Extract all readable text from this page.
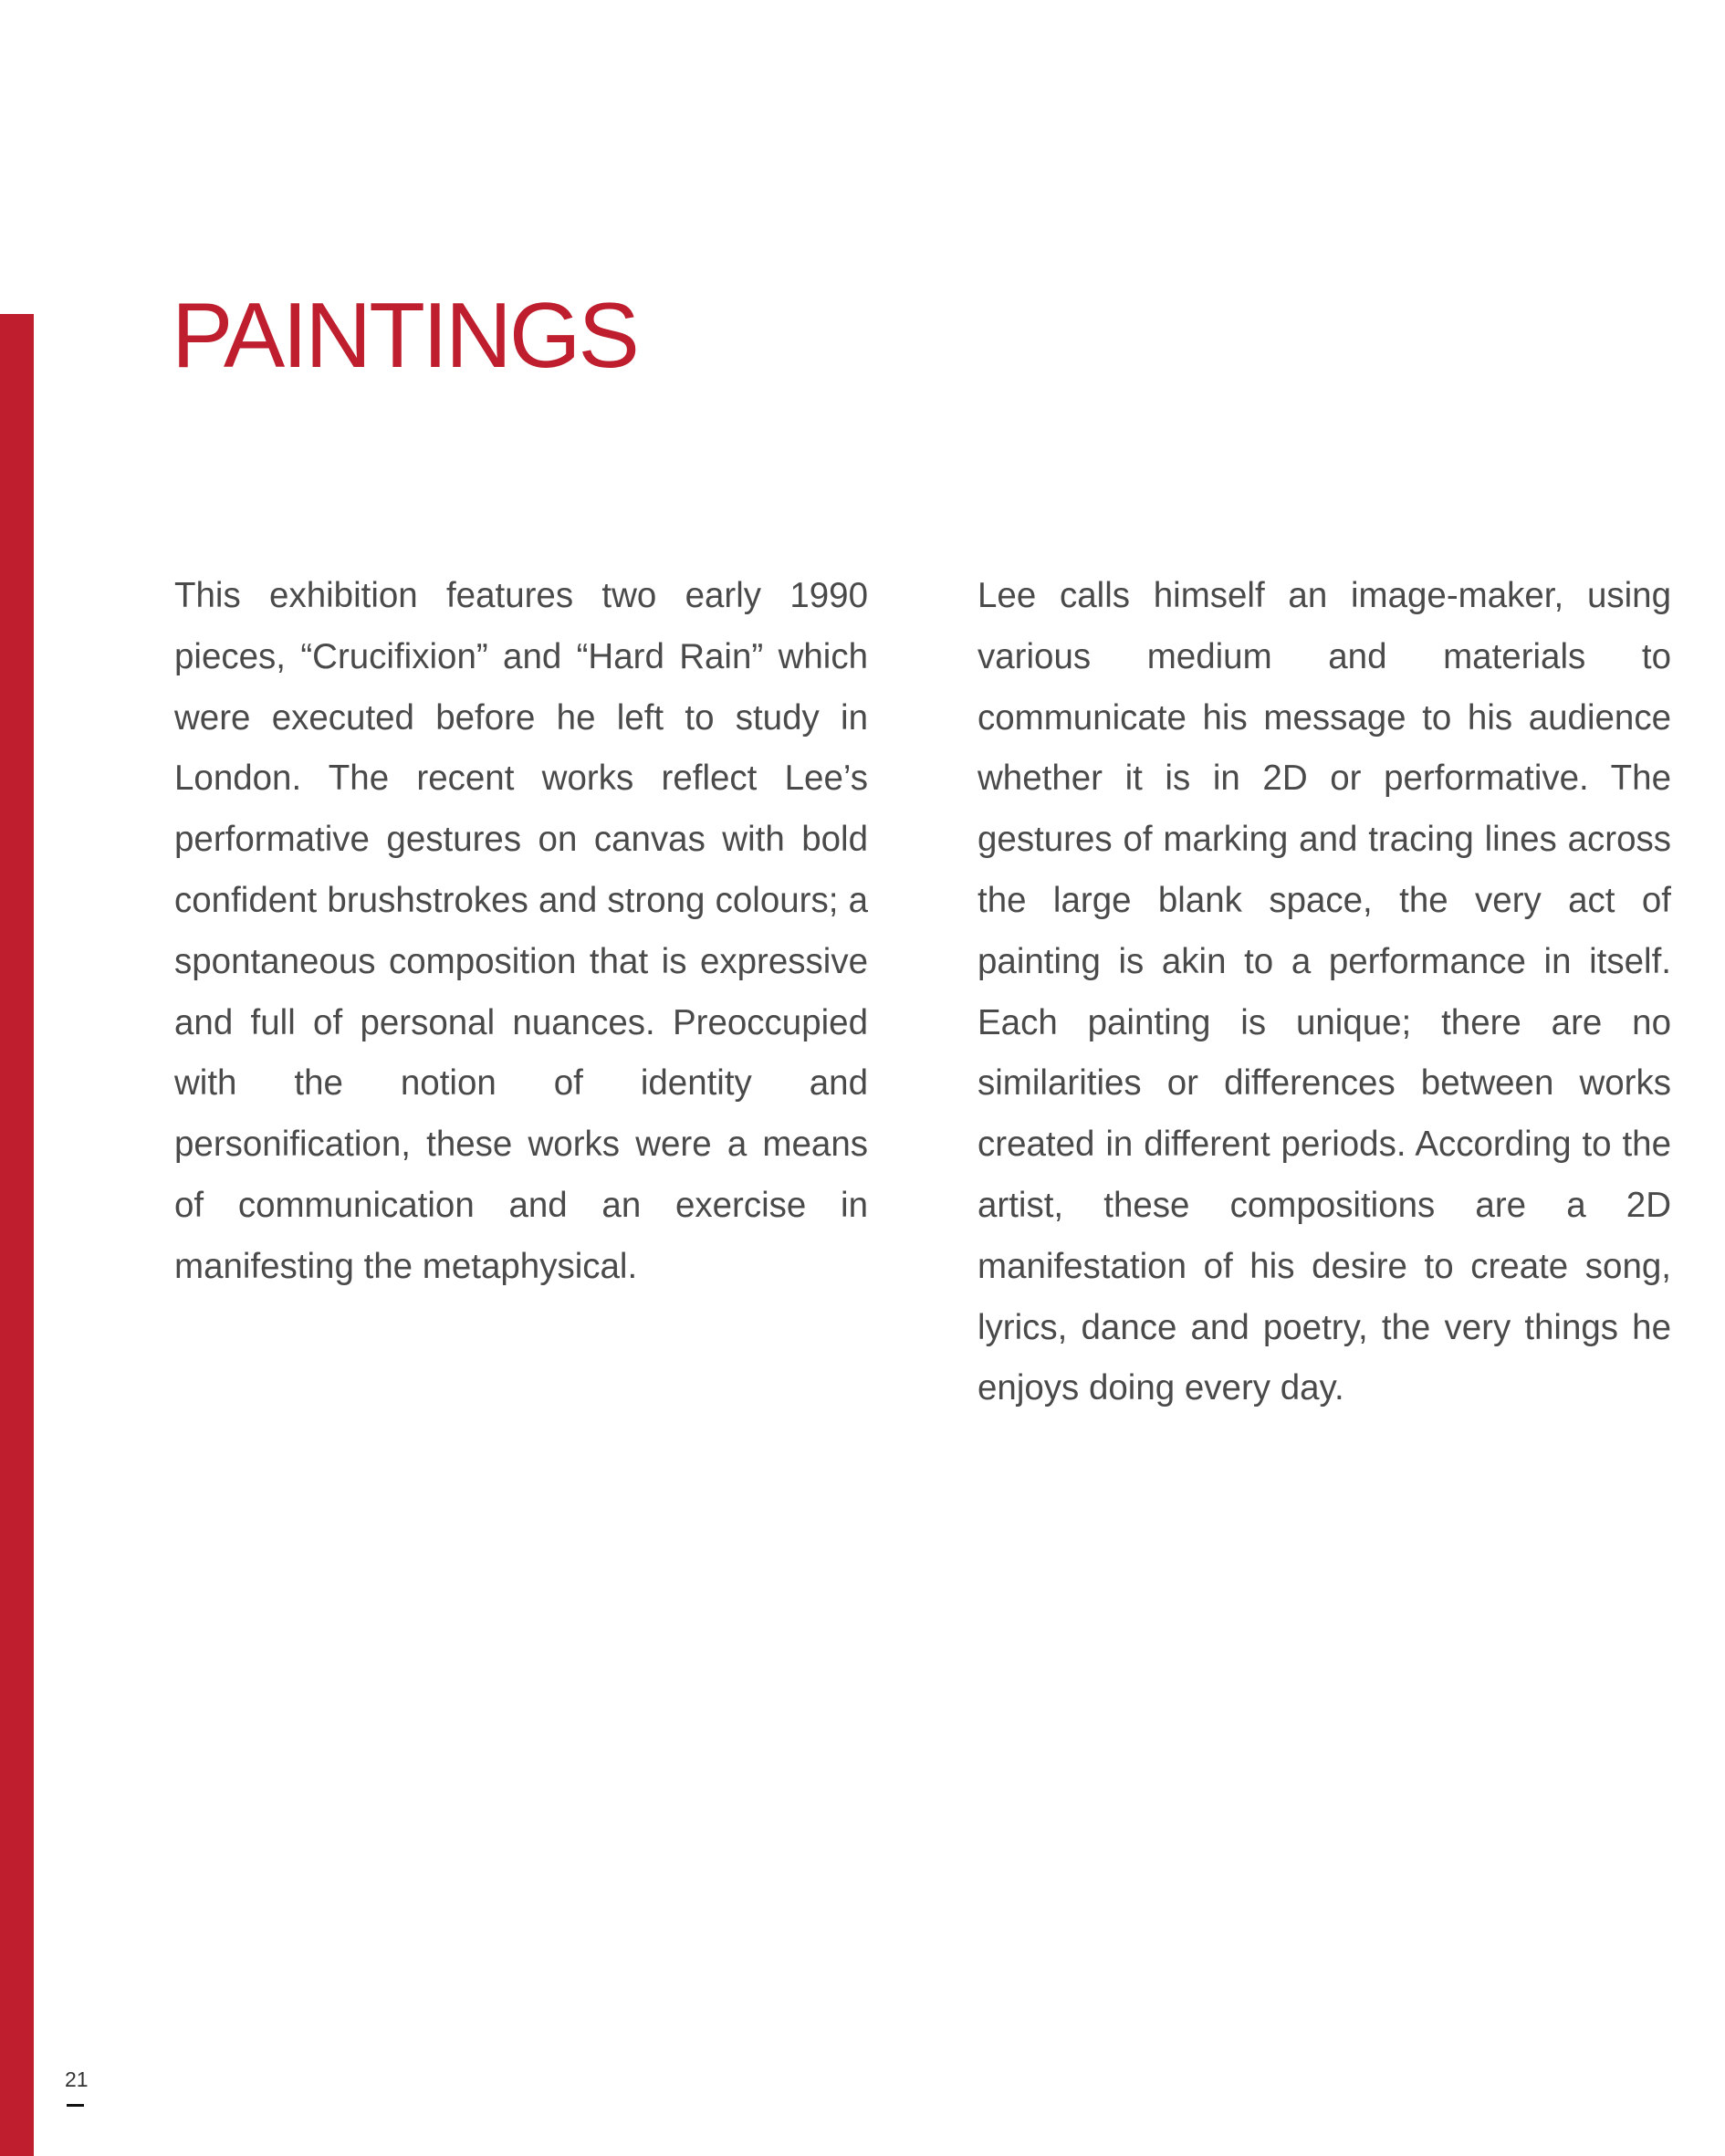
PAINTINGS

This exhibition features two early 1990 pieces, “Crucifixion” and “Hard Rain” which were executed before he left to study in London. The recent works reflect Lee’s performative gestures on canvas with bold confident brushstrokes and strong colours; a spontaneous composition that is expressive and full of personal nuances. Preoccupied with the notion of identity and personification, these works were a means of communication and an exercise in manifesting the metaphysical.

Lee calls himself an image-maker, using various medium and materials to communicate his message to his audience whether it is in 2D or performative. The gestures of marking and tracing lines across the large blank space, the very act of painting is akin to a performance in itself. Each painting is unique; there are no similarities or differences between works created in different periods. According to the artist, these compositions are a 2D manifestation of his desire to create song, lyrics, dance and poetry, the very things he enjoys doing every day.

21
